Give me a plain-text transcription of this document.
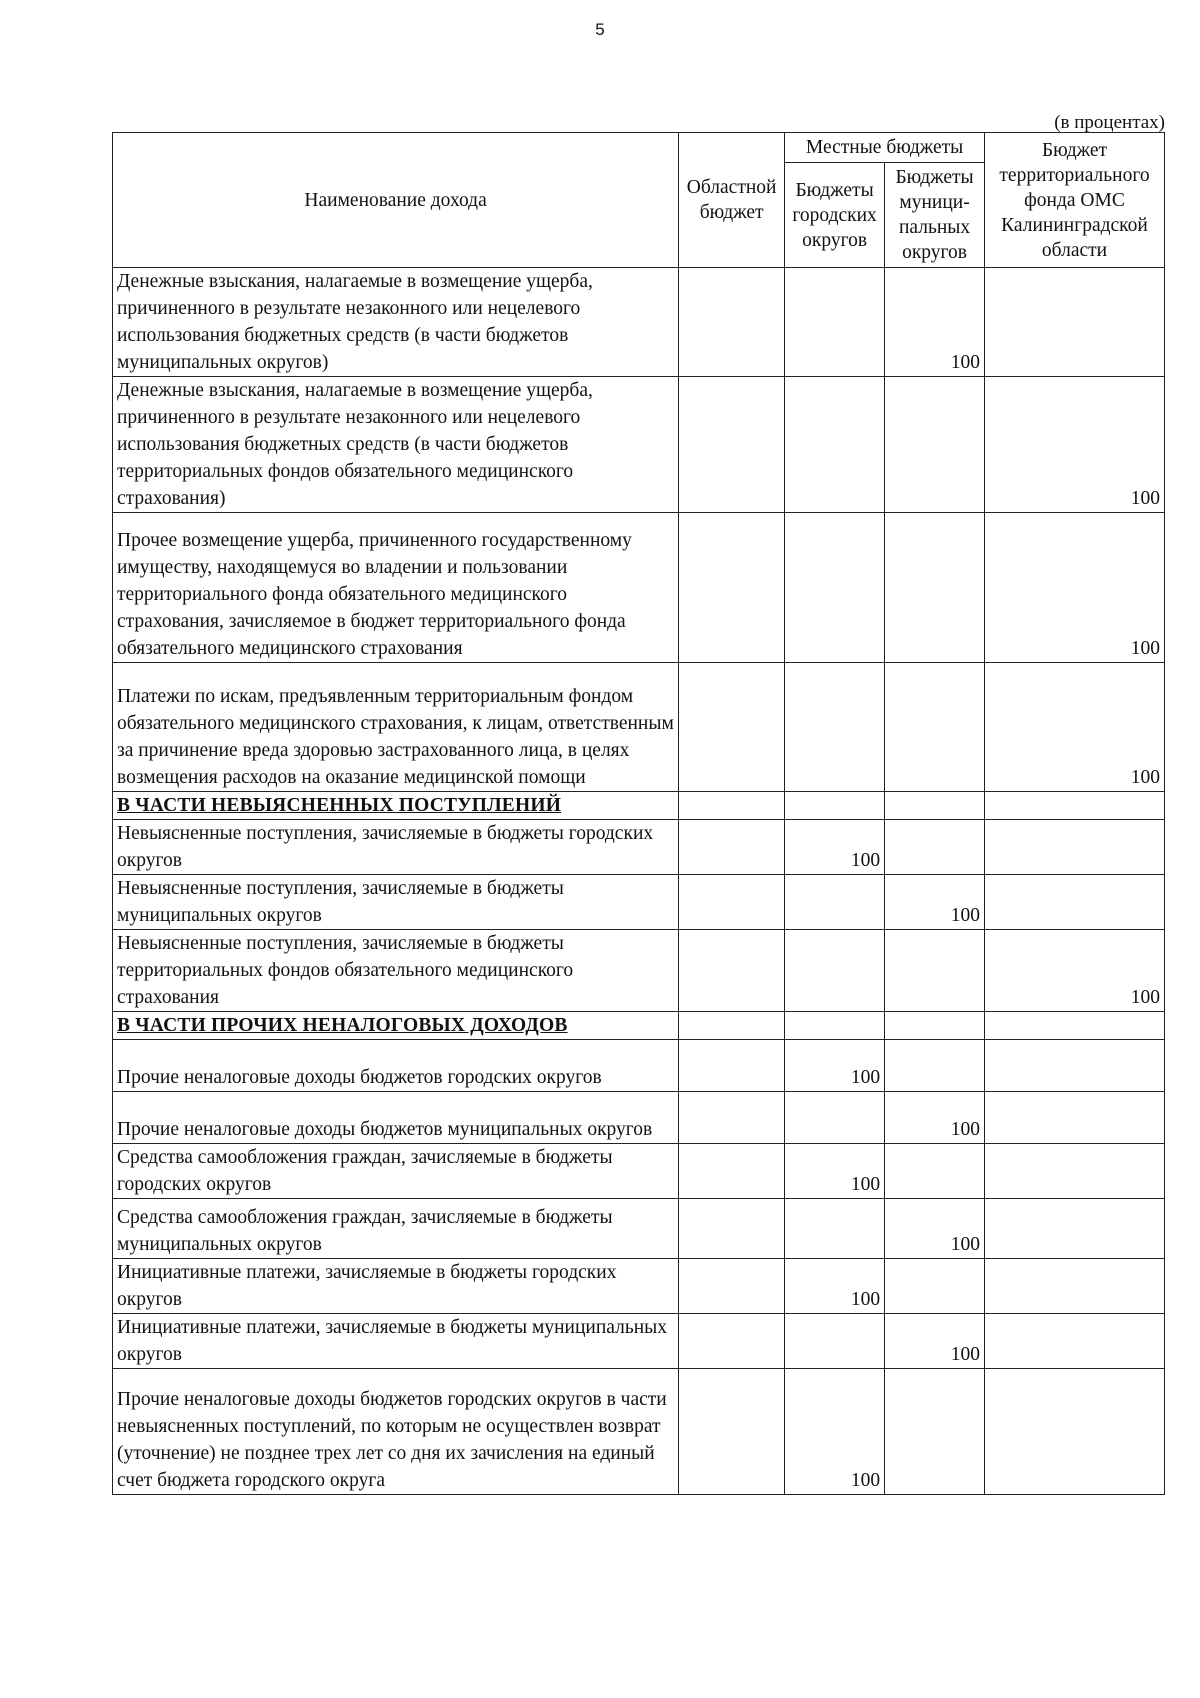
5
(в процентах)
Наименование дохода	Областной бюджет	Местные бюджеты		Бюджет территориального фонда ОМС Калининградской области
		Бюджеты городских округов	Бюджеты муници-пальных округов	
Денежные взыскания, налагаемые в возмещение ущерба, причиненного в результате незаконного или нецелевого использования бюджетных средств (в части бюджетов муниципальных округов)			100	
Денежные взыскания, налагаемые в возмещение ущерба, причиненного в результате незаконного или нецелевого использования бюджетных средств (в части бюджетов территориальных фондов обязательного медицинского страхования)				100
Прочее возмещение ущерба, причиненного государственному имуществу, находящемуся во владении и пользовании территориального фонда обязательного медицинского страхования, зачисляемое в бюджет территориального фонда обязательного медицинского страхования				100
Платежи по искам, предъявленным территориальным фондом обязательного медицинского страхования, к лицам, ответственным за причинение вреда здоровью застрахованного лица, в целях возмещения расходов на оказание медицинской помощи				100
В ЧАСТИ НЕВЫЯСНЕННЫХ ПОСТУПЛЕНИЙ				
Невыясненные поступления, зачисляемые в бюджеты городских округов		100		
Невыясненные поступления, зачисляемые в бюджеты муниципальных округов			100	
Невыясненные поступления, зачисляемые в бюджеты территориальных фондов обязательного медицинского страхования				100
В ЧАСТИ ПРОЧИХ НЕНАЛОГОВЫХ ДОХОДОВ				
Прочие неналоговые доходы бюджетов городских округов		100		
Прочие неналоговые доходы бюджетов муниципальных округов			100	
Средства самообложения граждан, зачисляемые в бюджеты городских округов		100		
Средства самообложения граждан, зачисляемые в бюджеты муниципальных округов			100	
Инициативные платежи, зачисляемые в бюджеты городских округов		100		
Инициативные платежи, зачисляемые в бюджеты муниципальных округов			100	
Прочие неналоговые доходы бюджетов городских округов в части невыясненных поступлений, по которым не осуществлен возврат (уточнение) не позднее трех лет со дня их зачисления на единый счет бюджета городского округа		100		
